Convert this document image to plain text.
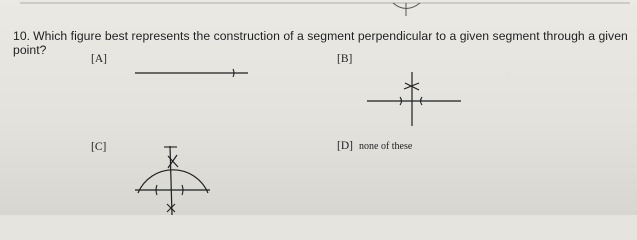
10. Which figure best represents the construction of a segment perpendicular to a given segment through a given point?

[A]	[B]
[C]	[D] none of these
